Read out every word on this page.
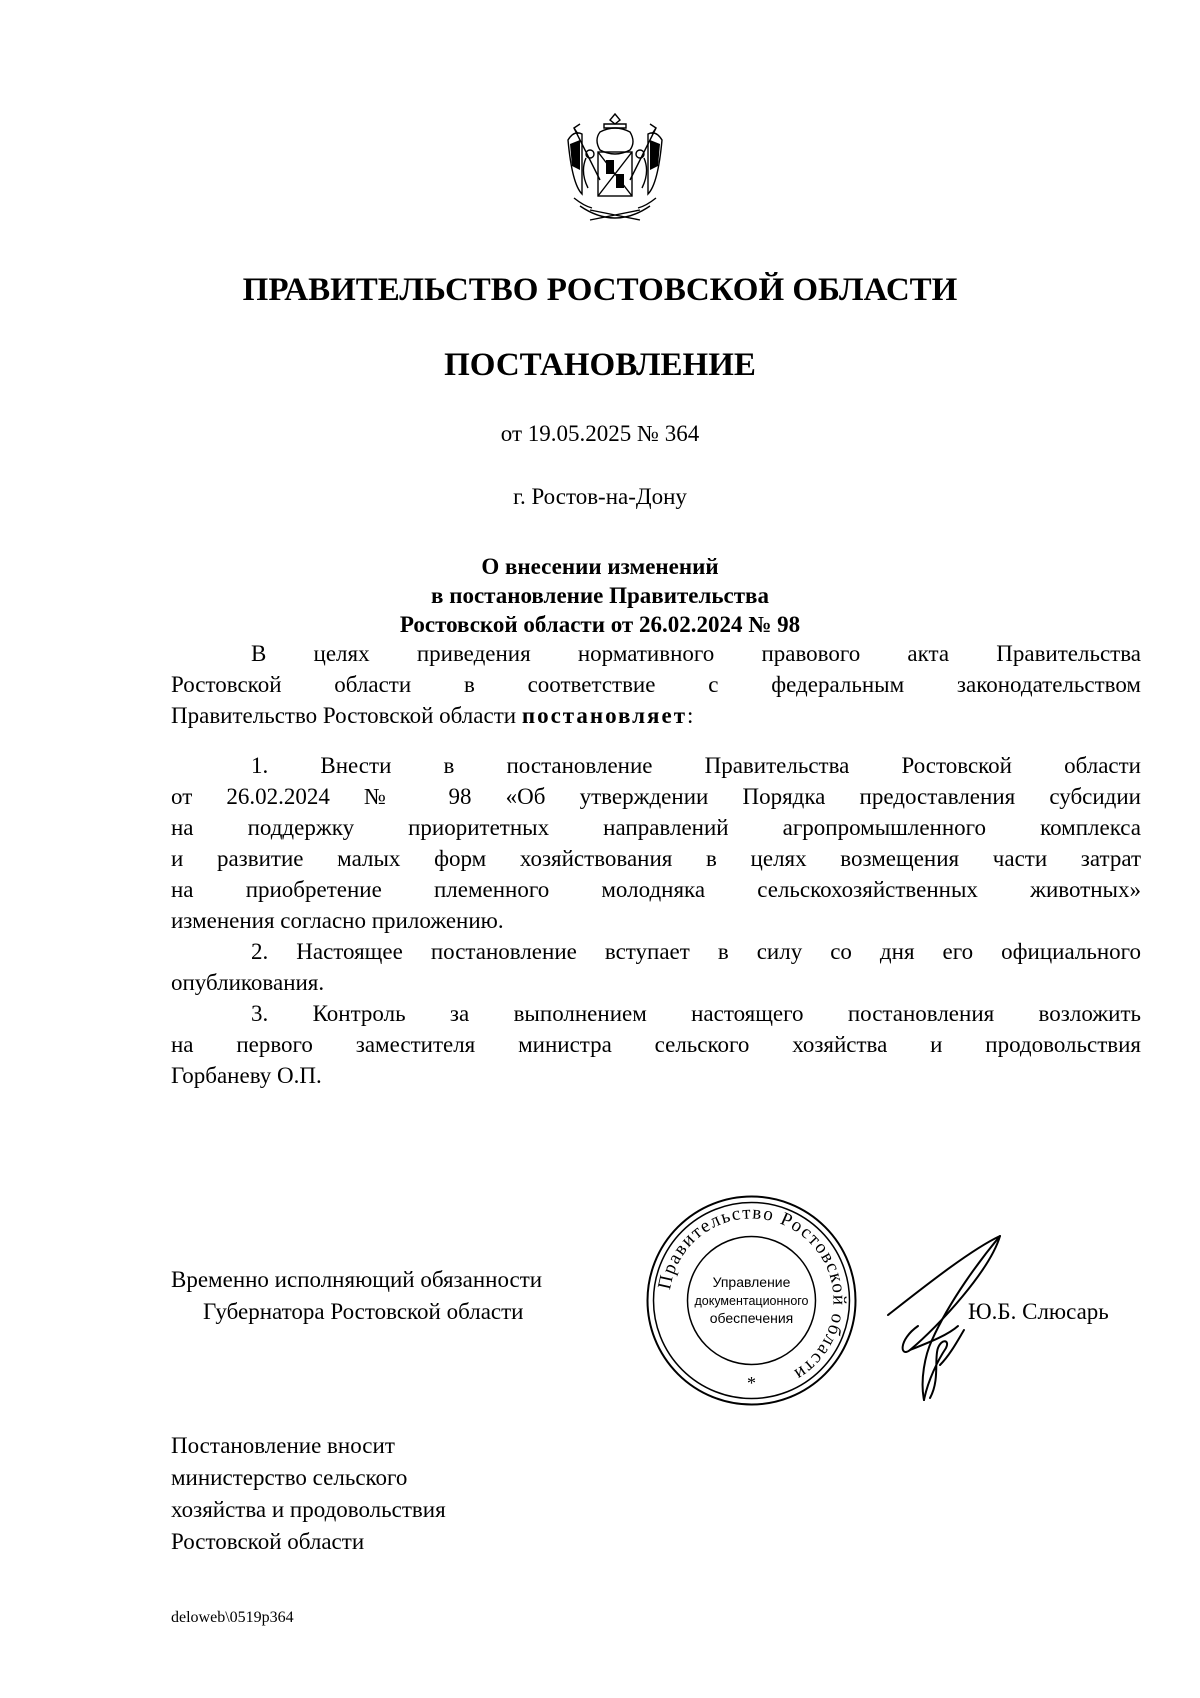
ПРАВИТЕЛЬСТВО РОСТОВСКОЙ ОБЛАСТИ
ПОСТАНОВЛЕНИЕ
от 19.05.2025 № 364
г. Ростов-на-Дону
О внесении изменений
в постановление Правительства
Ростовской области от 26.02.2024 № 98
В целях приведения нормативного правового акта Правительства
Ростовской области в соответствие с федеральным законодательством
Правительство Ростовской области постановляет:
1. Внести в постановление Правительства Ростовской области
от 26.02.2024 № 98 «Об утверждении Порядка предоставления субсидии
на поддержку приоритетных направлений агропромышленного комплекса
и развитие малых форм хозяйствования в целях возмещения части затрат
на приобретение племенного молодняка сельскохозяйственных животных»
изменения согласно приложению.
2. Настоящее постановление вступает в силу со дня его официального
опубликования.
3. Контроль за выполнением настоящего постановления возложить
на первого заместителя министра сельского хозяйства и продовольствия
Горбаневу О.П.
Временно исполняющий обязанности
Губернатора Ростовской области
Правительство Ростовской области
Управление
документационного
обеспечения
*
Ю.Б. Слюсарь
Постановление вносит
министерство сельского
хозяйства и продовольствия
Ростовской области
deloweb\0519p364
